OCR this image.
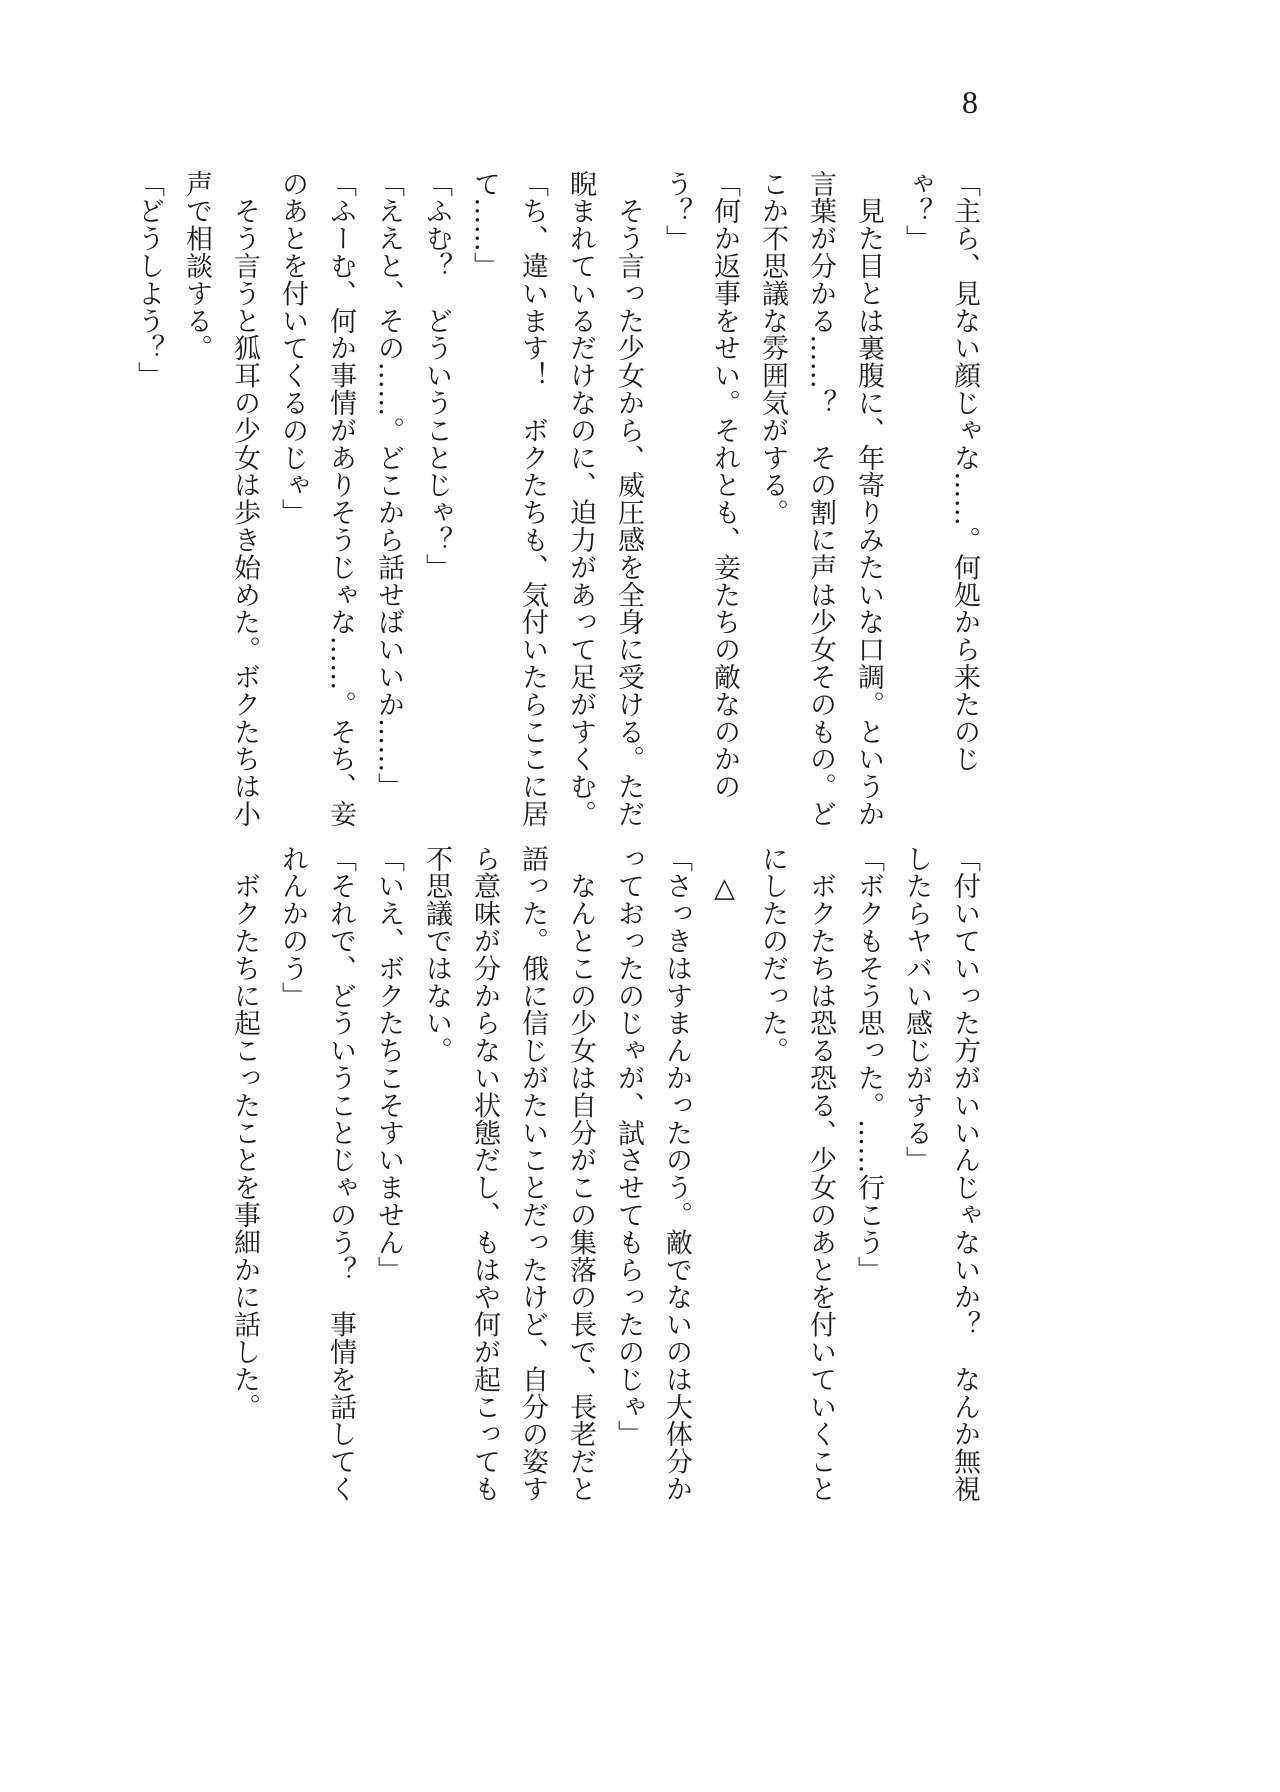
8
「主ら、見ない顔じゃな……。何処から来たのじ
ゃ？」
　見た目とは裏腹に、年寄りみたいな口調。というか
言葉が分かる……？　その割に声は少女そのもの。ど
こか不思議な雰囲気がする。
「何か返事をせい。それとも、妾たちの敵なのかの
う？」
　そう言った少女から、威圧感を全身に受ける。ただ
睨まれているだけなのに、迫力があって足がすくむ。
「ち、違います！　ボクたちも、気付いたらここに居
て……」
「ふむ？　どういうことじゃ？」
「ええと、その……。どこから話せばいいか……」
「ふーむ、何か事情がありそうじゃな……。そち、妾
のあとを付いてくるのじゃ」
　そう言うと狐耳の少女は歩き始めた。ボクたちは小
声で相談する。
「どうしよう？」
「付いていった方がいいんじゃないか？　なんか無視
したらヤバい感じがする」
「ボクもそう思った。……行こう」
　ボクたちは恐る恐る、少女のあとを付いていくこと
にしたのだった。
　△
「さっきはすまんかったのう。敵でないのは大体分か
っておったのじゃが、試させてもらったのじゃ」
　なんとこの少女は自分がこの集落の長で、長老だと
語った。俄に信じがたいことだったけど、自分の姿す
ら意味が分からない状態だし、もはや何が起こっても
不思議ではない。
「いえ、ボクたちこそすいません」
「それで、どういうことじゃのう？　事情を話してく
れんかのう」
　ボクたちに起こったことを事細かに話した。
